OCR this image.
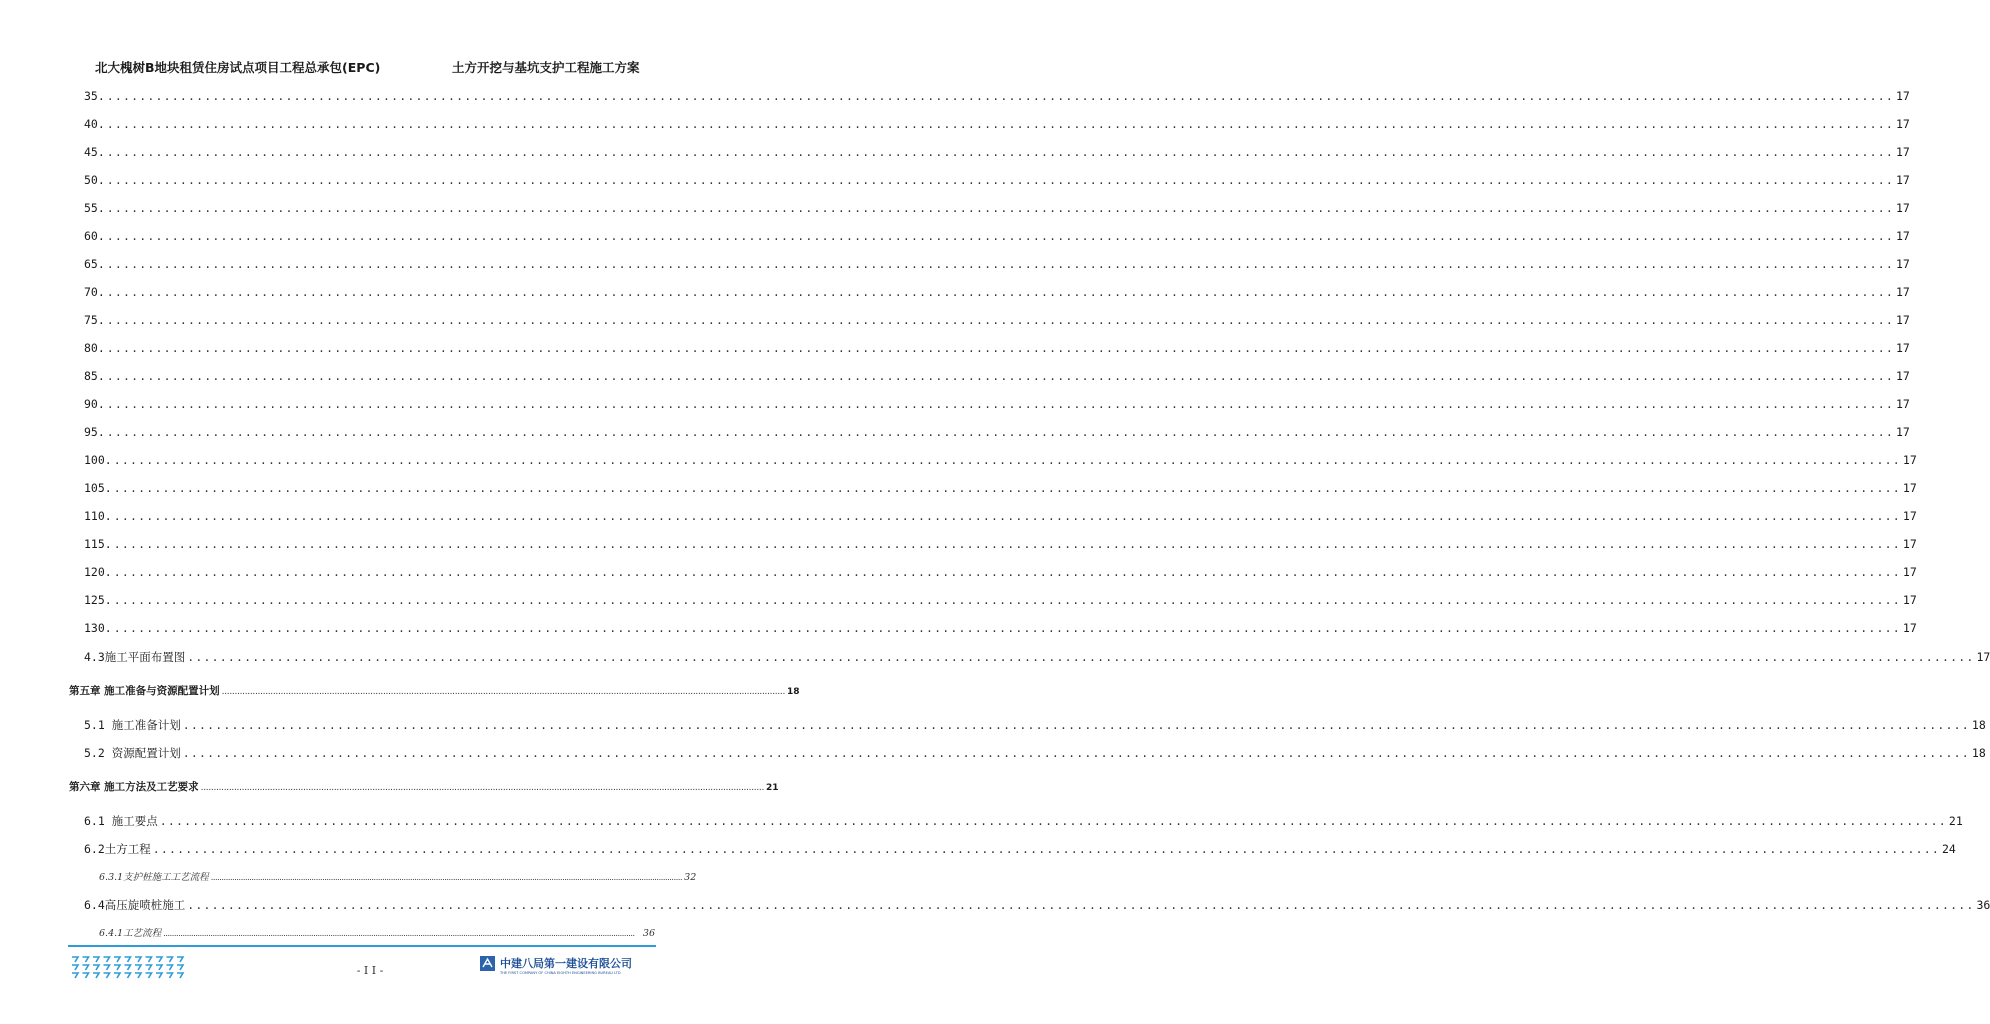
北大槐树B地块租赁住房试点项目工程总承包(EPC)	土方开挖与基坑支护工程施工方案
35. ............................................................................................................................................................................................................................ 17
40. ............................................................................................................................................................................................................................ 17
45. ............................................................................................................................................................................................................................ 17
50. ............................................................................................................................................................................................................................ 17
55. ............................................................................................................................................................................................................................ 17
60. ............................................................................................................................................................................................................................ 17
65. ............................................................................................................................................................................................................................ 17
70. ............................................................................................................................................................................................................................ 17
75. ............................................................................................................................................................................................................................ 17
80. ............................................................................................................................................................................................................................ 17
85. ............................................................................................................................................................................................................................ 17
90. ............................................................................................................................................................................................................................ 17
95. ............................................................................................................................................................................................................................ 17
100. ............................................................................................................................................................................................................................ 17
105. ............................................................................................................................................................................................................................ 17
110. ............................................................................................................................................................................................................................ 17
115. ............................................................................................................................................................................................................................ 17
120. ............................................................................................................................................................................................................................ 17
125. ............................................................................................................................................................................................................................ 17
130. ............................................................................................................................................................................................................................ 17
4.3施工平面布置图 ............................................................................................................................................................................................................................ 17
第五章 施工准备与资源配置计划 ............................................................................................................................................................................................................................ 18
5.1 施工准备计划 ............................................................................................................................................................................................................................ 18
5.2 资源配置计划 ............................................................................................................................................................................................................................ 18
第六章 施工方法及工艺要求 ............................................................................................................................................................................................................................ 21
6.1 施工要点 ............................................................................................................................................................................................................................ 21
6.2土方工程 ............................................................................................................................................................................................................................ 24
6.3.1支护桩施工工艺流程 ............................................................................................................................................................................................................................ 32
6.4高压旋喷桩施工 ............................................................................................................................................................................................................................ 36
6.4.1工艺流程 ............................................................................................................................................................................................................................ 36
- I I -
中建八局第一建设有限公司
THE FIRST COMPANY OF CHINA EIGHTH ENGINEERING BUREAU LTD
